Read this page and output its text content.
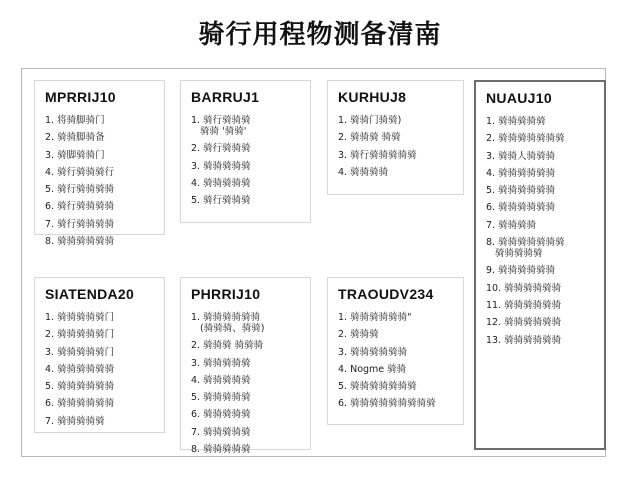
骑行用程物测备清南
MPRRIJ10
1. 将骑脚骑门
2. 骑骑脚骑备
3. 骑脚骑骑门
4. 骑行骑骑骑行
5. 骑行骑骑骑骑
6. 骑行骑骑骑骑
7. 骑行骑骑骑骑
8. 骑骑骑骑骑骑
BARRUJ1
1. 骑行骑骑骑
骑骑 '骑骑'
2. 骑行骑骑骑
3. 骑骑骑骑骑
4. 骑骑骑骑骑
5. 骑行骑骑骑
KURHUJ8
1. 骑骑门骑骑)
2. 骑骑骑 骑骑
3. 骑行骑骑骑骑骑
4. 骑骑骑骑
NUAUJ10
1. 骑骑骑骑骑
2. 骑骑骑骑骑骑骑
3. 骑骑人骑骑骑
4. 骑骑骑骑骑骑
5. 骑骑骑骑骑骑
6. 骑骑骑骑骑骑
7. 骑骑骑骑
8. 骑骑骑骑骑骑骑
骑骑骑骑骑
9. 骑骑骑骑骑骑
10. 骑骑骑骑骑骑
11. 骑骑骑骑骑骑
12. 骑骑骑骑骑骑
13. 骑骑骑骑骑骑
SIATENDA20
1. 骑骑骑骑骑门
2. 骑骑骑骑骑门
3. 骑骑骑骑骑门
4. 骑骑骑骑骑骑
5. 骑骑骑骑骑骑
6. 骑骑骑骑骑骑
7. 骑骑骑骑骑
PHRRIJ10
1. 骑骑骑骑骑骑
(骑骑骑、骑骑)
2. 骑骑骑 骑骑骑
3. 骑骑骑骑骑
4. 骑骑骑骑骑
5. 骑骑骑骑骑
6. 骑骑骑骑骑
7. 骑骑骑骑骑
8. 骑骑骑骑骑
TRAOUDV234
1. 骑骑骑骑骑骑"
2. 骑骑骑
3. 骑骑骑骑骑骑
4. Nogme 骑骑
5. 骑骑骑骑骑骑骑
6. 骑骑骑骑骑骑骑骑骑
